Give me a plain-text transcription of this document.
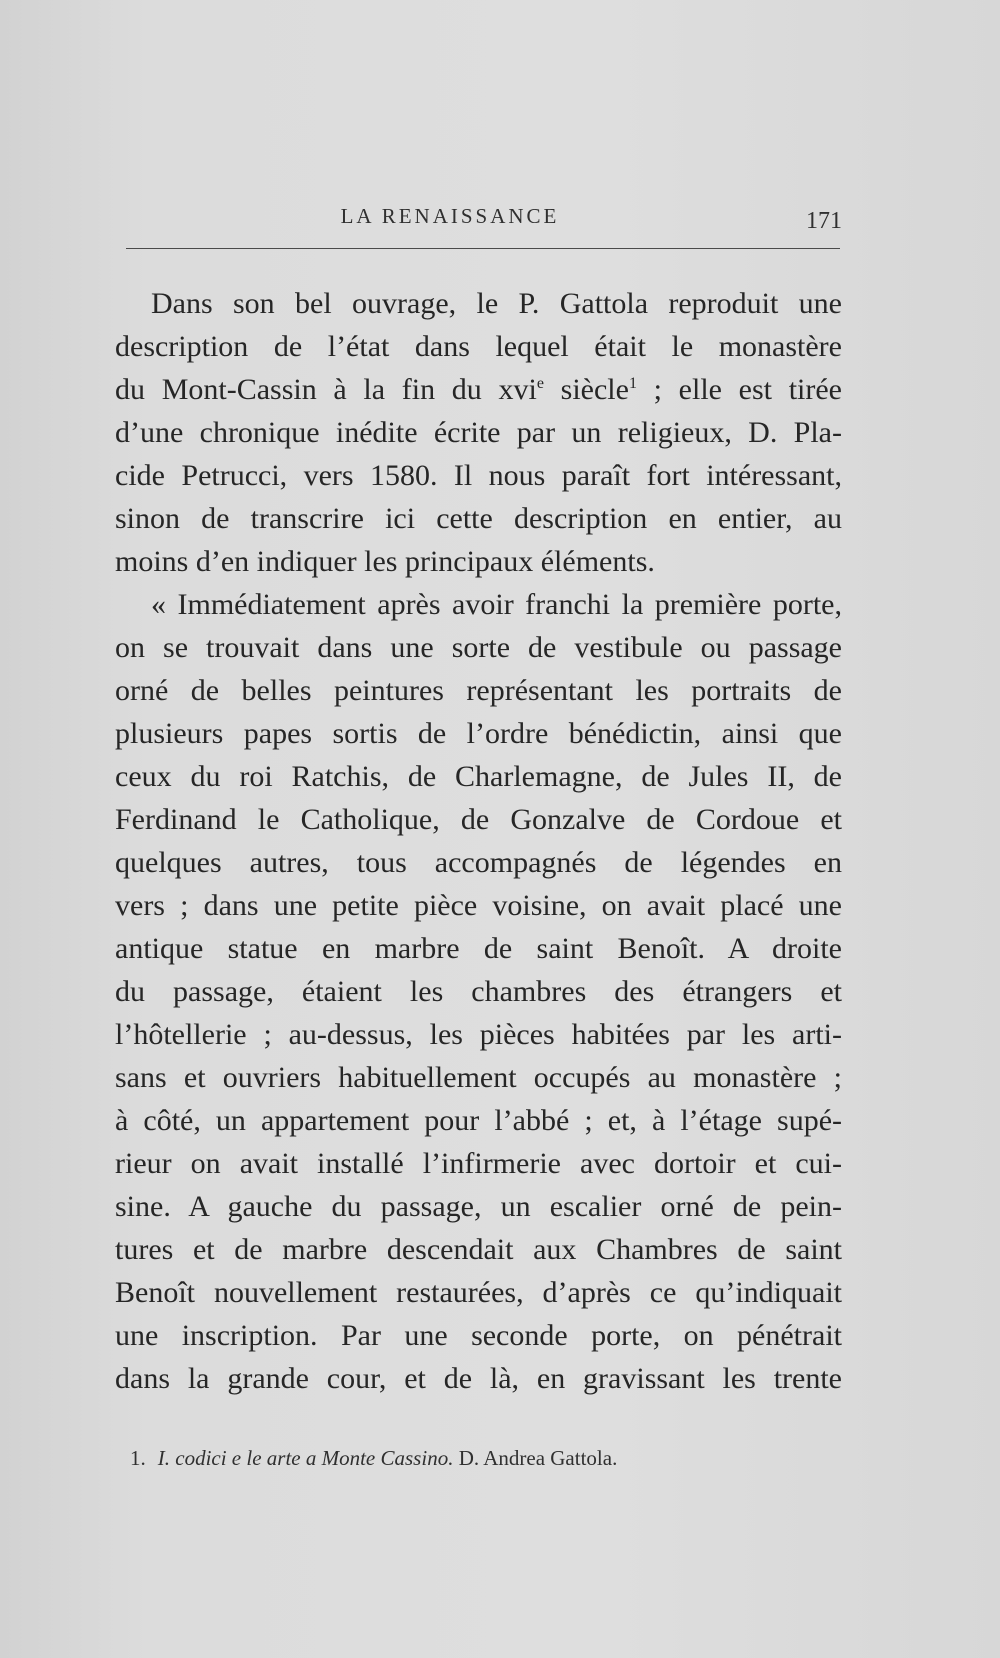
LA RENAISSANCE	171
Dans son bel ouvrage, le P. Gattola reproduit une
description de l’état dans lequel était le monastère
du Mont-Cassin à la fin du xvi$^e$ siècle$^1$ ; elle est tirée
d’une chronique inédite écrite par un religieux, D. Pla-
cide Petrucci, vers 1580. Il nous paraît fort intéressant,
sinon de transcrire ici cette description en entier, au
moins d’en indiquer les principaux éléments.
« Immédiatement après avoir franchi la première porte,
on se trouvait dans une sorte de vestibule ou passage
orné de belles peintures représentant les portraits de
plusieurs papes sortis de l’ordre bénédictin, ainsi que
ceux du roi Ratchis, de Charlemagne, de Jules II, de
Ferdinand le Catholique, de Gonzalve de Cordoue et
quelques autres, tous accompagnés de légendes en
vers ; dans une petite pièce voisine, on avait placé une
antique statue en marbre de saint Benoît. A droite
du passage, étaient les chambres des étrangers et
l’hôtellerie ; au-dessus, les pièces habitées par les arti-
sans et ouvriers habituellement occupés au monastère ;
à côté, un appartement pour l’abbé ; et, à l’étage supé-
rieur on avait installé l’infirmerie avec dortoir et cui-
sine. A gauche du passage, un escalier orné de pein-
tures et de marbre descendait aux Chambres de saint
Benoît nouvellement restaurées, d’après ce qu’indiquait
une inscription. Par une seconde porte, on pénétrait
dans la grande cour, et de là, en gravissant les trente
1. I. codici e le arte a Monte Cassino. D. Andrea Gattola.
